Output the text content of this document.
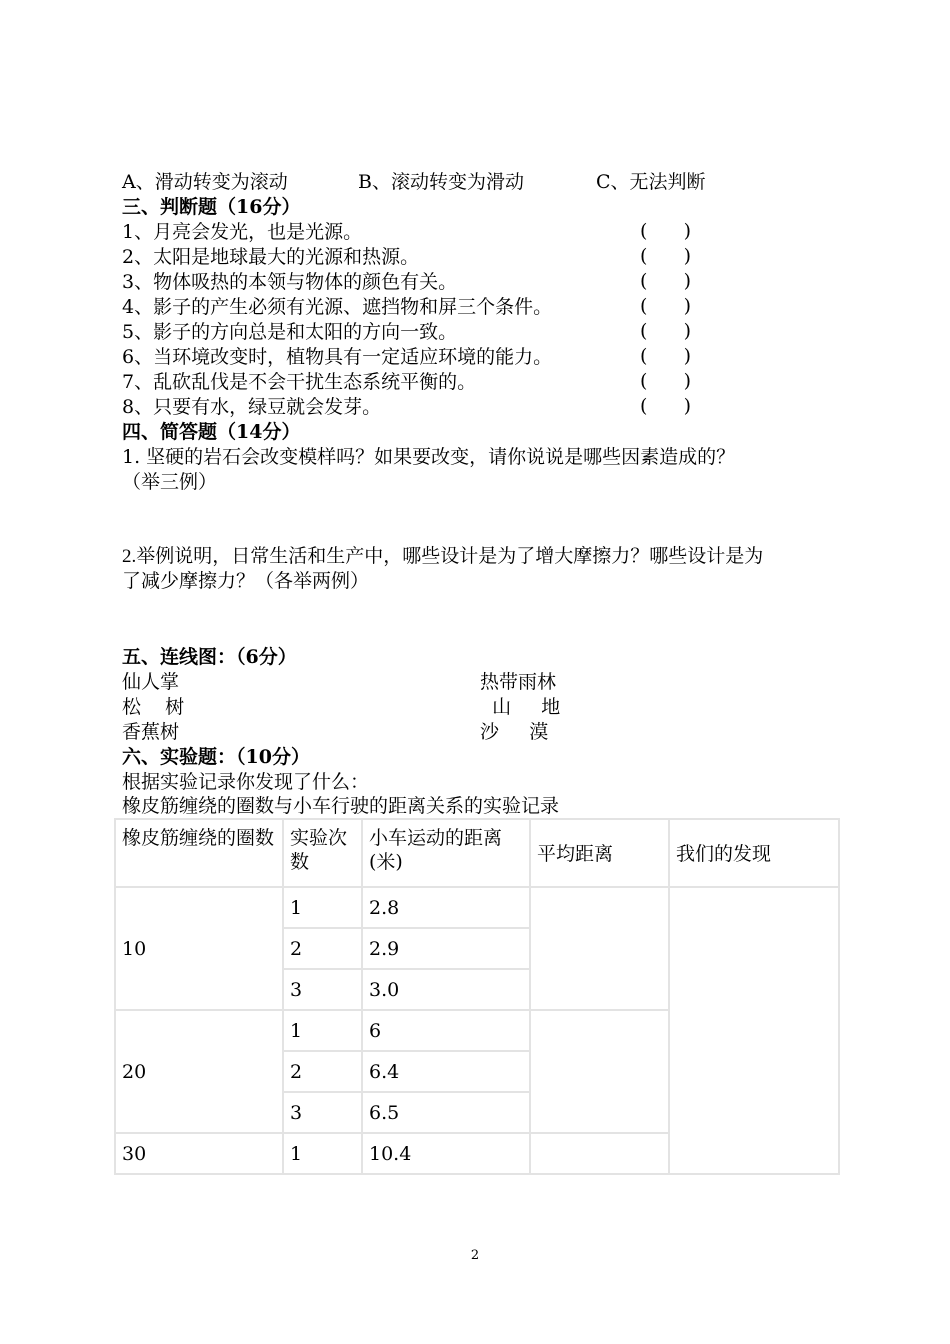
A、滑动转变为滚动	B、滚动转变为滑动	C、无法判断
三、判断题（16分）
1、月亮会发光，也是光源。	(      )
2、太阳是地球最大的光源和热源。	(      )
3、物体吸热的本领与物体的颜色有关。	(      )
4、影子的产生必须有光源、遮挡物和屏三个条件。	(      )
5、影子的方向总是和太阳的方向一致。	(      )
6、当环境改变时，植物具有一定适应环境的能力。	(      )
7、乱砍乱伐是不会干扰生态系统平衡的。	(      )
8、只要有水，绿豆就会发芽。	(      )
四、简答题（14分）
1. 坚硬的岩石会改变模样吗？如果要改变，请你说说是哪些因素造成的？
（举三例）
2.举例说明，日常生活和生产中，哪些设计是为了增大摩擦力？哪些设计是为
了减少摩擦力？（各举两例）
五、连线图：（6分）
仙人掌
松    树
香蕉树
热带雨林
山     地
沙     漠
六、实验题：（10分）
根据实验记录你发现了什么：
橡皮筋缠绕的圈数与小车行驶的距离关系的实验记录
橡皮筋缠绕的圈数	实验次数	小车运动的距离(米)	平均距离	我们的发现
10	1	2.8		
	2	2.9		
	3	3.0		
20	1	6		
	2	6.4		
	3	6.5		
30	1	10.4		
2
